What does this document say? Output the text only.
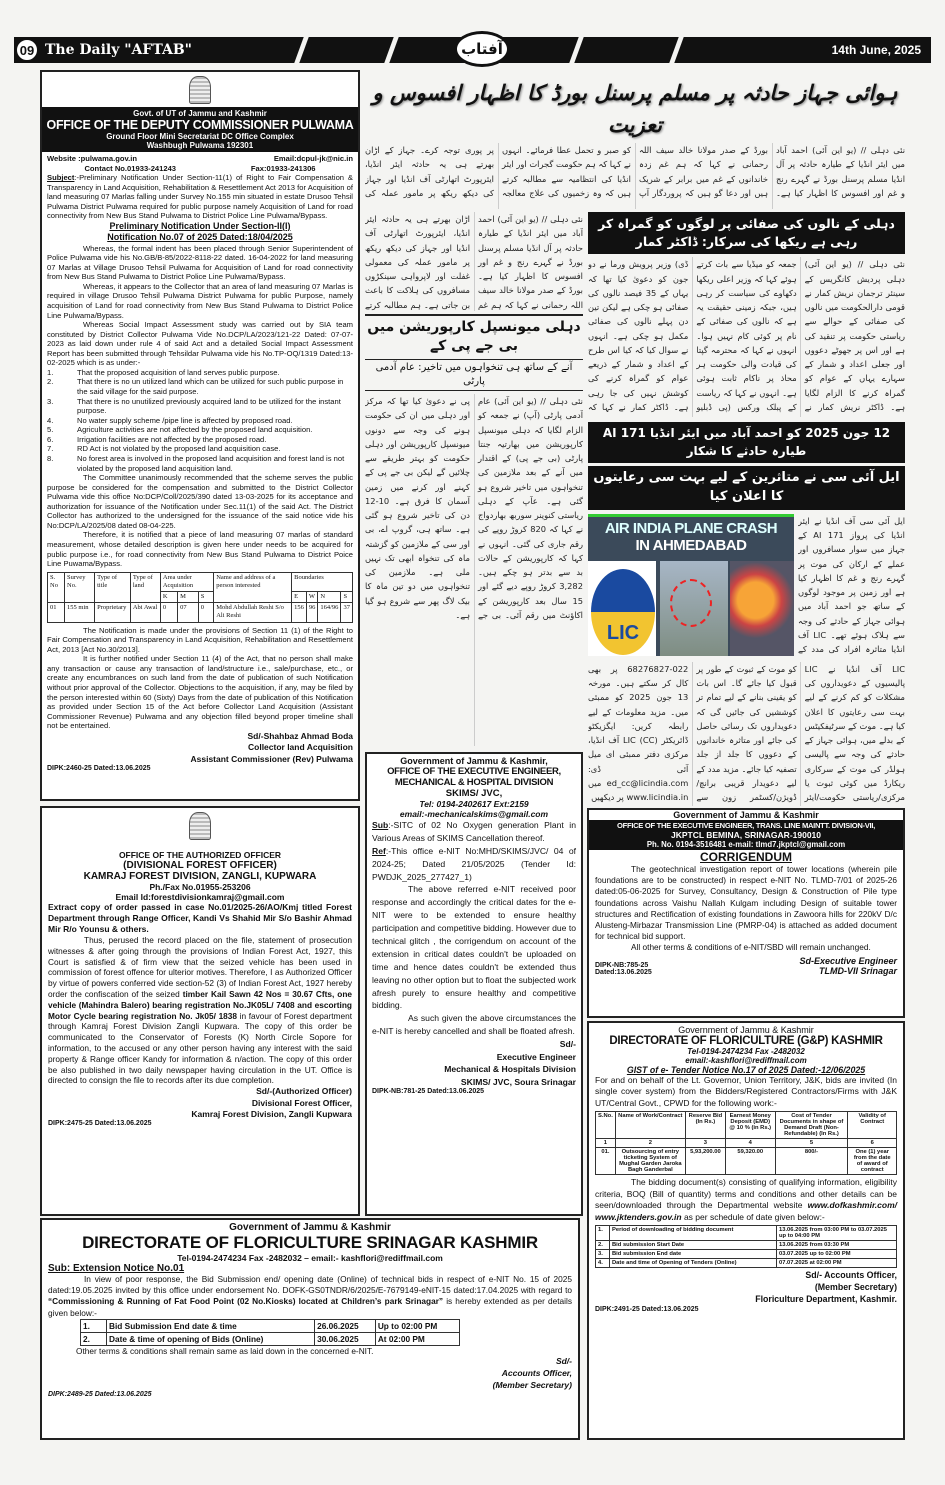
09 The Daily "AFTAB"	آفتاب	14th June, 2025
Govt. of UT of Jammu and Kashmir
OFFICE OF THE DEPUTY COMMISSIONER PULWAMA
Ground Floor Mini Secretariat DC Office Complex
Washbugh Pulwama 192301
Website :pulwama.gov.in	Email:dcpul-jk@nic.in
Contact No.01933-241243	Fax:01933-241306

Subject:-Preliminary Notification Under Section-11(1) of Right to Fair Compensation & Transparency in Land Acquisition, Rehabilitation & Resettlement Act 2013 for Acquisition of land measuring 07 Marlas falling under Survey No.155 min situated in estate Drusoo Tehsil Pulwama District Pulwama required for public purpose namely Acquisition of Land for road connectivity from New Bus Stand Pulwama to District Police Line Pulwama/Bypass.

Preliminary Notification Under Section-II(I)
Notification No.07 of 2025 Dated:18/04/2025

Whereas, the formal indent has been placed through Senior Superintendent of Police Pulwama vide his No.GB/B-85/2022-8118-22 dated. 16-04-2022 for land measuring 07 Marlas at Village Drusoo Tehsil Pulwama for Acquisition of Land for road connectivity from New Bus Stand Pulwama to District Police Line Pulwama/Bypass.

Whereas, it appears to the Collector that an area of land measuring 07 Marlas is required in village Drusoo Tehsil Pulwama District Pulwama for public Purpose, namely acquisition of Land for road connectivity from New Bus Stand Pulwama to District Police Line Pulwama/Bypass.

Whereas Social Impact Assessment study was carried out by SIA team constituted by District Collector Pulwama Vide No.DCP/LA/2023/121-22 Dated: 07-07-2023 as laid down under rule 4 of said Act and a detailed Social Impact Assessment Report has been submitted through Tehsildar Pulwama vide his No.TP-OQ/1319 Dated:13-02-2025 which is as under:-

1.	That the proposed acquisition of land serves public purpose.
2.	That there is no un utilized land which can be utilized for such public purpose in the said village for the said purpose.
3.	That there is no unutilized previously acquired land to be utilized for the instant purpose.
4.	No water supply scheme /pipe line is affected by proposed road.
5.	Agriculture activities are not affected by the proposed land acquisition.
6.	Irrigation facilities are not affected by the proposed road.
7.	RD Act is not violated by the proposed land acquisition case.
8.	No forest area is involved in the proposed land acquisition and forest land is not violated by the proposed land acquisition land.

The Committee unanimously recommended that the scheme serves the public purpose be considered for the compensation and submitted to the District Collector Pulwama vide this office No:DCP/Coll/2025/390 dated 13-03-2025 for its acceptance and authorization for issuance of the Notification under Sec.11(1) of the said Act. The District Collector has authorized to the undersigned for the issuance of the said notice vide his No:DCP/LA/2025/08 dated 08-04-225.

Therefore, it is notified that a piece of land measuring 07 marlas of standard measurement, whose detailed description is given here under needs to be acquired for public purpose i.e., for road connectivity from New Bus Stand Pulwama to District Poice Line Puwama/Bypass.

S. No	Survey No.	Type of title	Type of land	Area under Acquisition			Name and address of a person interested	Boundaries			
				K	M	S		E	W	N	S
01	155 min	Proprietary	Abi Awal	0	07	0	Mohd Abdullah Reshi S/o Ali Reshi	156	96	164/96	37

The Notification is made under the provisions of Section 11 (1) of the Right to Fair Compensation and Transparency in Land Acquisition, Rehabilitation and Resettlement Act, 2013 [Act No.30/2013].

It is further notified under Section 11 (4) of the Act, that no person shall make any transaction or cause any transaction of land/structure i.e., sale/purchase, etc., or create any encumbrances on such land from the date of publication of such Notification without prior approval of the Collector. Objections to the acquisition, if any, may be filed by the person interested within 60 (Sixty) Days from the date of publication of this Notification as provided under Section 15 of the Act before Collector Land Acquisition (Assistant Commissioner Revenue) Pulwama and any objection filled beyond proper timeline shall not be entertained.

Sd/-Shahbaz Ahmad Boda
Collector land Acquisition
Assistant Commissioner (Rev) Pulwama
DIPK:2460-25 Dated:13.06.2025
OFFICE OF THE AUTHORIZED OFFICER
(DIVISIONAL FOREST OFFICER)
KAMRAJ FOREST DIVISION, ZANGLI, KUPWARA
Ph./Fax No.01955-253206
Email Id:forestdivisionkamraj@gmail.com

Extract copy of order passed in case No.01/2025-26/AO/Kmj titled Forest Department through Range Officer, Kandi Vs Shahid Mir S/o Bashir Ahmad Mir R/o Younsu & others.

Thus, perused the record placed on the file, statement of prosecution witnesses & after going through the provisions of Indian Forest Act, 1927, this Court is satisfied & of firm view that the seized vehicle has been used in commission of forest offence for ulterior motives. Therefore, I as Authorized Officer by virtue of powers conferred vide section-52 (3) of Indian Forest Act, 1927 hereby order the confiscation of the seized timber Kail Sawn 42 Nos = 30.67 Cfts, one vehicle (Mahindra Balero) bearing registration No.JK05L/ 7408 and escorting Motor Cycle bearing registration No. Jk05/ 1838 in favour of Forest department through Kamraj Forest Division Zangli Kupwara. The copy of this order be communicated to the Conservator of Forests (K) North Circle Sopore for information, to the accused or any other person having any interest with the said property & Range officer Kandy for information & n/action. The copy of this order be also published in two daily newspaper having circulation in the UT. Office is directed to consign the file to records after its due completion.

Sd/-(Authorized Officer)
Divisional Forest Officer,
Kamraj Forest Division, Zangli Kupwara
DIPK:2475-25 Dated:13.06.2025
Government of Jammu & Kashmir
DIRECTORATE OF FLORICULTURE SRINAGAR KASHMIR
Tel-0194-2474234 Fax -2482032 – email:- kashflori@rediffmail.com
Sub: Extension Notice No.01

In view of poor response, the Bid Submission end/ opening date (Online) of technical bids in respect of e-NIT No. 15 of 2025 dated:19.05.2025 invited by this office under endorsement No. DOFK-GS0TNDR/6/2025/E-7679149-eNIT-15 dated:17.04.2025 with regard to “Commissioning & Running of Fat Food Point (02 No.Kiosks) located at Children’s park Srinagar” is hereby extended as per details given below:-

1.	Bid Submission End date & time	26.06.2025	Up to 02:00 PM
2.	Date & time of opening of Bids (Online)	30.06.2025	At 02:00 PM

Other terms & conditions shall remain same as laid down in the concerned e-NIT.

Sd/-
Accounts Officer,
(Member Secretary)
DIPK:2489-25 Dated:13.06.2025
ہوائی جہاز حادثہ پر مسلم پرسنل بورڈ کا اظہار افسوس و تعزیت
نئی دہلی // (یو این آئی) احمد آباد میں ایئر انڈیا کے طیارہ حادثہ پر آل انڈیا مسلم پرسنل بورڈ نے گہرے رنج و غم اور افسوس کا اظہار کیا ہے۔ بورڈ کے صدر مولانا خالد سیف اللہ رحمانی نے کہا کہ ہم غم زدہ خاندانوں کے غم میں برابر کے شریک ہیں اور دعا گو ہیں کہ پروردگار آپ کو صبر و تحمل عطا فرمائے۔ انہوں نے کہا کہ ہم حکومت گجرات اور ایئر انڈیا کی انتظامیہ سے مطالبہ کرتے ہیں کہ وہ زخمیوں کی علاج معالجہ پر پوری توجہ کرے۔ جہاز کے اڑان بھرتے ہی یہ حادثہ ایئر انڈیا، ایئرپورٹ اتھارٹی آف انڈیا اور جہاز کی دیکھ ریکھ پر مامور عملہ کی
دہلی کے نالوں کی صفائی پر لوگوں کو گمراہ کر رہی ہے ریکھا کی سرکار: ڈاکٹر کمار
نئی دہلی // (یو این آئی) دہلی پردیش کانگریس کے سینئر ترجمان نریش کمار نے قومی دارالحکومت میں نالوں کی صفائی کے حوالے سے ریاستی حکومت پر تنقید کی ہے اور اس پر جھوٹے دعووں اور جعلی اعداد و شمار کے سہارے یہاں کے عوام کو گمراہ کرنے کا الزام لگایا ہے۔ ڈاکٹر نریش کمار نے جمعہ کو میڈیا سے بات کرتے ہوئے کہا کہ وزیر اعلی ریکھا دکھاوے کی سیاست کر رہی ہیں، جبکہ زمینی حقیقت یہ ہے کہ نالوں کی صفائی کے نام پر کوئی کام نہیں ہوا۔ انہوں نے کہا کہ محترمہ گپتا کی قیادت والی حکومت ہر محاذ پر ناکام ثابت ہوئی ہے۔ انہوں نے کہا کہ ریاست کے پبلک ورکس (پی ڈبلیو ڈی) وزیر پرویش ورما نے دو جون کو دعویٰ کیا تھا کہ یہاں کے 35 فیصد نالوں کی صفائی ہو چکی ہے لیکن تین دن پہلے نالوں کی صفائی مکمل ہو چکی ہے۔ انہوں نے سوال کیا کہ کیا اس طرح کے اعداد و شمار کے ذریعے عوام کو گمراہ کرنے کی کوشش نہیں کی جا رہی ہے۔ ڈاکٹر کمار نے کہا کہ
12 جون 2025 کو احمد آباد میں ایئر انڈیا AI 171 طیارہ حادثے کا شکار
ایل آئی سی نے متاثرین کے لیے بہت سی رعایتوں کا اعلان کیا
AIR INDIA PLANE CRASH
IN AHMEDABAD
LIC
ایل آئی سی آف انڈیا نے ایئر انڈیا کی پرواز AI 171 کے جہاز میں سوار مسافروں اور عملے کے ارکان کی موت پر گہرے رنج و غم کا اظہار کیا ہے اور زمین پر موجود لوگوں کے ساتھ جو احمد آباد میں ہوائی جہاز کے حادثے کی وجہ سے ہلاک ہوئے تھے۔ LIC آف انڈیا متاثرہ افراد کی مدد کے
LIC آف انڈیا نے LIC پالیسیوں کے دعویداروں کی مشکلات کو کم کرنے کے لیے بہت سی رعایتوں کا اعلان کیا ہے۔ موت کے سرٹیفکیٹس کے بدلے میں، ہوائی جہاز کے حادثے کی وجہ سے پالیسی ہولڈر کی موت کے سرکاری ریکارڈ میں کوئی ثبوت یا مرکزی/ریاستی حکومت/ایئر کو موت کے ثبوت کے طور پر قبول کیا جائے گا۔ اس بات کو یقینی بنانے کے لیے تمام تر کوششیں کی جائیں گی کہ دعویداروں تک رسائی حاصل کی جائے اور متاثرہ خاندانوں کے دعووں کا جلد از جلد تصفیہ کیا جائے۔ مزید مدد کے لیے دعویدار قریبی برانچ/ڈویژن/کسٹمر زون سے 022-68276827 پر بھی کال کر سکتے ہیں۔ مورخہ 13 جون 2025 کو ممبئی میں۔ مزید معلومات کے لیے رابطہ کریں: ایگزیکٹو ڈائریکٹر LIC (CC) آف انڈیا، مرکزی دفتر ممبئی ای میل آئی ڈی: ed_cc@licindia.com میں www.licindia.in پر دیکھیں
نئی دہلی // (یو این آئی) احمد آباد میں ایئر انڈیا کے طیارہ حادثہ پر آل انڈیا مسلم پرسنل بورڈ نے گہرے رنج و غم اور افسوس کا اظہار کیا ہے۔ بورڈ کے صدر مولانا خالد سیف اللہ رحمانی نے کہا کہ ہم غم اڑان بھرتے ہی یہ حادثہ ایئر انڈیا، ایئرپورٹ اتھارٹی آف انڈیا اور جہاز کی دیکھ ریکھ پر مامور عملہ کی معمولی غفلت اور لاپرواہی سینکڑوں مسافروں کی ہلاکت کا باعث بن جاتی ہے۔ ہم مطالبہ کرتے
دہلی میونسپل کارپوریشن میں بی جے پی کے
آنے کے ساتھ ہی تنخواہوں میں تاخیر: عام آدمی پارٹی
نئی دہلی // (یو این آئی) عام آدمی پارٹی (آپ) نے جمعہ کو الزام لگایا کہ دہلی میونسپل کارپوریشن میں بھارتیہ جنتا پارٹی (بی جے پی) کے اقتدار میں آنے کے بعد ملازمین کی تنخواہوں میں تاخیر شروع ہو گئی ہے۔ عآپ کے دہلی ریاستی کنوینر سوربھ بھاردواج نے کہا کہ 820 کروڑ روپے کی رقم جاری کی گئی۔ انہوں نے کہا کہ کارپوریشن کے حالات بد سے بدتر ہو چکے ہیں۔ 3,282 کروڑ روپے دیے گئے اور 15 سال بعد کارپوریشن کے اکاؤنٹ میں رقم آئی۔ بی جے پی نے دعویٰ کیا تھا کہ مرکز اور دہلی میں ان کی حکومت ہونے کی وجہ سے دونوں میونسپل کارپوریشن اور دہلی حکومت کو بہتر طریقے سے چلائیں گے لیکن بی جے پی کے کہنے اور کرنے میں زمین آسمان کا فرق ہے۔ 10-12 دن کی تاخیر شروع ہو گئی ہے۔ ساتھ ہی، گروپ اے، بی اور سی کے ملازمین کو گزشتہ ماہ کی تنخواہ ابھی تک نہیں ملی ہے۔ ملازمین کی تنخواہوں میں دو تین ماہ کا بیک لاگ پھر سے شروع ہو گیا ہے۔
Government of Jammu & Kashmir,
OFFICE OF THE EXECUTIVE ENGINEER,
MECHANICAL & HOSPITAL DIVISION
SKIMS/ JVC,
Tel: 0194-2402617 Ext:2159
email:-mechanicalskims@gmail.com

Sub:-SITC of 02 No Oxygen generation Plant in Various Areas of SKIMS Cancellation thereof.

Ref:-This office e-NIT No:MHD/SKIMS/JVC/ 04 of 2024-25; Dated 21/05/2025 (Tender Id: PWDJK_2025_277427_1)

The above referred e-NIT received poor response and accordingly the critical dates for the e-NIT were to be extended to ensure healthy participation and competitive bidding. However due to technical glitch , the corrigendum on account of the extension in critical dates couldn't be uploaded on time and hence dates couldn't be extended thus leaving no other option but to float the subjected work afresh purely to ensure healthy and competitive bidding.

As such given the above circumstances the e-NIT is hereby cancelled and shall be floated afresh.

Sd/-
Executive Engineer
Mechanical & Hospitals Division
SKIMS/ JVC, Soura Srinagar
DIPK-NB:781-25 Dated:13.06.2025
Government of Jammu & Kashmir
OFFICE OF THE EXECUTIVE ENGINEER, TRANS. LINE MAINTT. DIVISION-VII,
JKPTCL BEMINA, SRINAGAR-190010
Ph. No. 0194-3516481 e-mail: tlmd7.jkptcl@gmail.com
CORRIGENDUM

The geotechnical investigation report of tower locations (wherein pile foundations are to be constructed) in respect e-NIT No. TLMD-7/01 of 2025-26 dated:05-06-2025 for Survey, Consultancy, Design & Construction of Pile type foundations across Vaishu Nallah Kulgam including Design of suitable tower structures and Rectification of existing foundations in Zawoora hills for 220kV D/c Alusteng-Mirbazar Transmission Line (PMRP-04) is attached as added document for technical bid support.

All other terms & conditions of e-NIT/SBD will remain unchanged.

DIPK-NB:785-25
Dated:13.06.2025
Sd-Executive Engineer
TLMD-VII Srinagar
Government of Jammu & Kashmir
DIRECTORATE OF FLORICULTURE (G&P) KASHMIR
Tel-0194-2474234 Fax -2482032
email:-kashflori@rediffmail.com
GIST of e- Tender Notice No.17 of 2025 Dated:-12/06/2025

For and on behalf of the Lt. Governor, Union Territory, J&K, bids are invited (In single cover system) from the Bidders/Registered Contractors/Firms with J&K UT/Central Govt., CPWD for the following work:-

S.No.	Name of Work/Contract	Reserve Bid (In Rs.)	Earnest Money Deposit (EMD) @ 10 % (in Rs.)	Cost of Tender Documents in shape of Demand Draft (Non-Refundable) (In Rs.)	Validity of Contract
1	2	3	4	5	6
01.	Outsourcing of entry ticketing System of Mughal Garden Jaroka Bagh Ganderbal	5,93,200.00	59,320.00	800/-	One (1) year from the date of award of contract

The bidding document(s) consisting of qualifying information, eligibility criteria, BOQ (Bill of quantity) terms and conditions and other details can be seen/downloaded through the Departmental website www.dofkashmir.com/ www.jktenders.gov.in as per schedule of date given below:-

1.	Period of downloading of bidding document	13.06.2025 from 03:00 PM to 03.07.2025 up to 04:00 PM
2.	Bid submission Start Date	13.06.2025 from 03:30 PM
3.	Bid submission End date	03.07.2025 up to 02:00 PM
4.	Date and time of Opening of Tenders (Online)	07.07.2025 at 02:00 PM
Sd/- Accounts Officer,
(Member Secretary)
Floriculture Department, Kashmir.
DIPK:2491-25 Dated:13.06.2025
